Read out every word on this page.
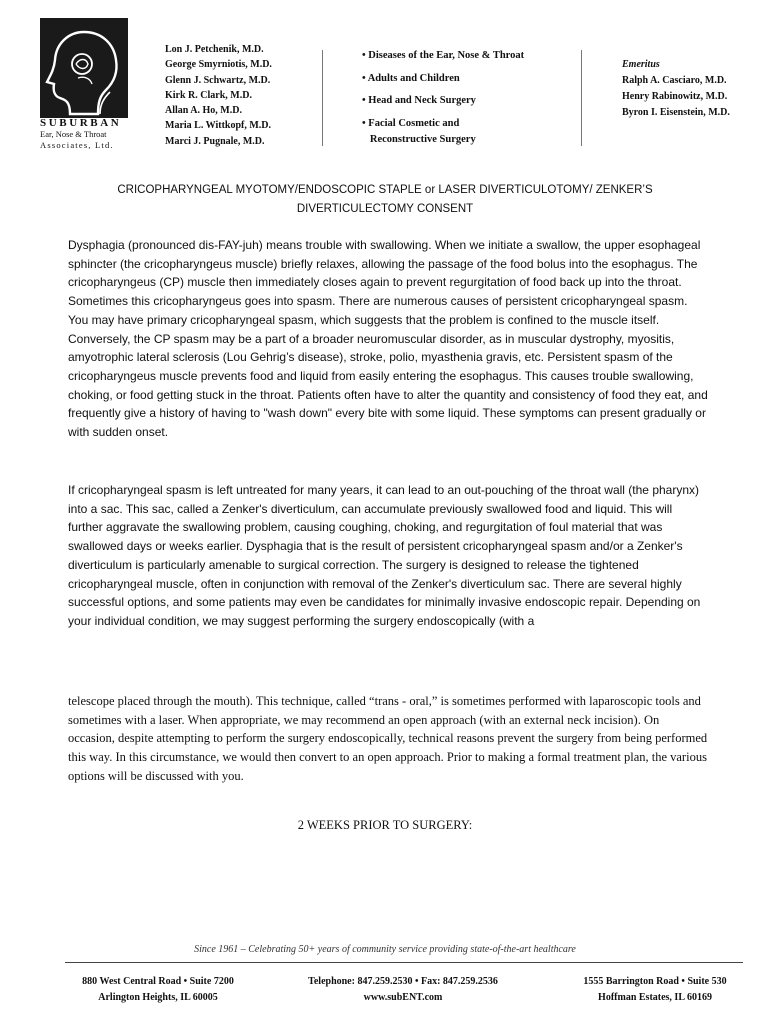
SUBURBAN
Ear, Nose & Throat
Associates, Ltd.
Lon J. Petchenik, M.D.
George Smyrniotis, M.D.
Glenn J. Schwartz, M.D.
Kirk R. Clark, M.D.
Allan A. Ho, M.D.
Maria L. Wittkopf, M.D.
Marci J. Pugnale, M.D.
• Diseases of the Ear, Nose & Throat
• Adults and Children
• Head and Neck Surgery
• Facial Cosmetic and
Reconstructive Surgery
Emeritus
Ralph A. Casciaro, M.D.
Henry Rabinowitz, M.D.
Byron I. Eisenstein, M.D.
CRICOPHARYNGEAL MYOTOMY/ENDOSCOPIC STAPLE or LASER DIVERTICULOTOMY/ ZENKER’S
DIVERTICULECTOMY CONSENT
Dysphagia (pronounced dis-FAY-juh) means trouble with swallowing. When we initiate a swallow, the upper esophageal sphincter (the cricopharyngeus muscle) briefly relaxes, allowing the passage of the food bolus into the esophagus. The cricopharyngeus (CP) muscle then immediately closes again to prevent regurgitation of food back up into the throat. Sometimes this cricopharyngeus goes into spasm. There are numerous causes of persistent cricopharyngeal spasm. You may have primary cricopharyngeal spasm, which suggests that the problem is confined to the muscle itself. Conversely, the CP spasm may be a part of a broader neuromuscular disorder, as in muscular dystrophy, myositis, amyotrophic lateral sclerosis (Lou Gehrig’s disease), stroke, polio, myasthenia gravis, etc. Persistent spasm of the cricopharyngeus muscle prevents food and liquid from easily entering the esophagus. This causes trouble swallowing, choking, or food getting stuck in the throat. Patients often have to alter the quantity and consistency of food they eat, and frequently give a history of having to "wash down" every bite with some liquid. These symptoms can present gradually or with sudden onset.
If cricopharyngeal spasm is left untreated for many years, it can lead to an out-pouching of the throat wall (the pharynx) into a sac. This sac, called a Zenker's diverticulum, can accumulate previously swallowed food and liquid. This will further aggravate the swallowing problem, causing coughing, choking, and regurgitation of foul material that was swallowed days or weeks earlier. Dysphagia that is the result of persistent cricopharyngeal spasm and/or a Zenker's diverticulum is particularly amenable to surgical correction. The surgery is designed to release the tightened cricopharyngeal muscle, often in conjunction with removal of the Zenker's diverticulum sac. There are several highly successful options, and some patients may even be candidates for minimally invasive endoscopic repair. Depending on your individual condition, we may suggest performing the surgery endoscopically (with a
telescope placed through the mouth). This technique, called “trans - oral,” is sometimes performed with laparoscopic tools and sometimes with a laser. When appropriate, we may recommend an open approach (with an external neck incision). On occasion, despite attempting to perform the surgery endoscopically, technical reasons prevent the surgery from being performed this way. In this circumstance, we would then convert to an open approach. Prior to making a formal treatment plan, the various options will be discussed with you.
2 WEEKS PRIOR TO SURGERY:
Since 1961 – Celebrating 50+ years of community service providing state-of-the-art healthcare
880 West Central Road • Suite 7200
Arlington Heights, IL 60005
Telephone: 847.259.2530 • Fax: 847.259.2536
www.subENT.com
1555 Barrington Road • Suite 530
Hoffman Estates, IL 60169
